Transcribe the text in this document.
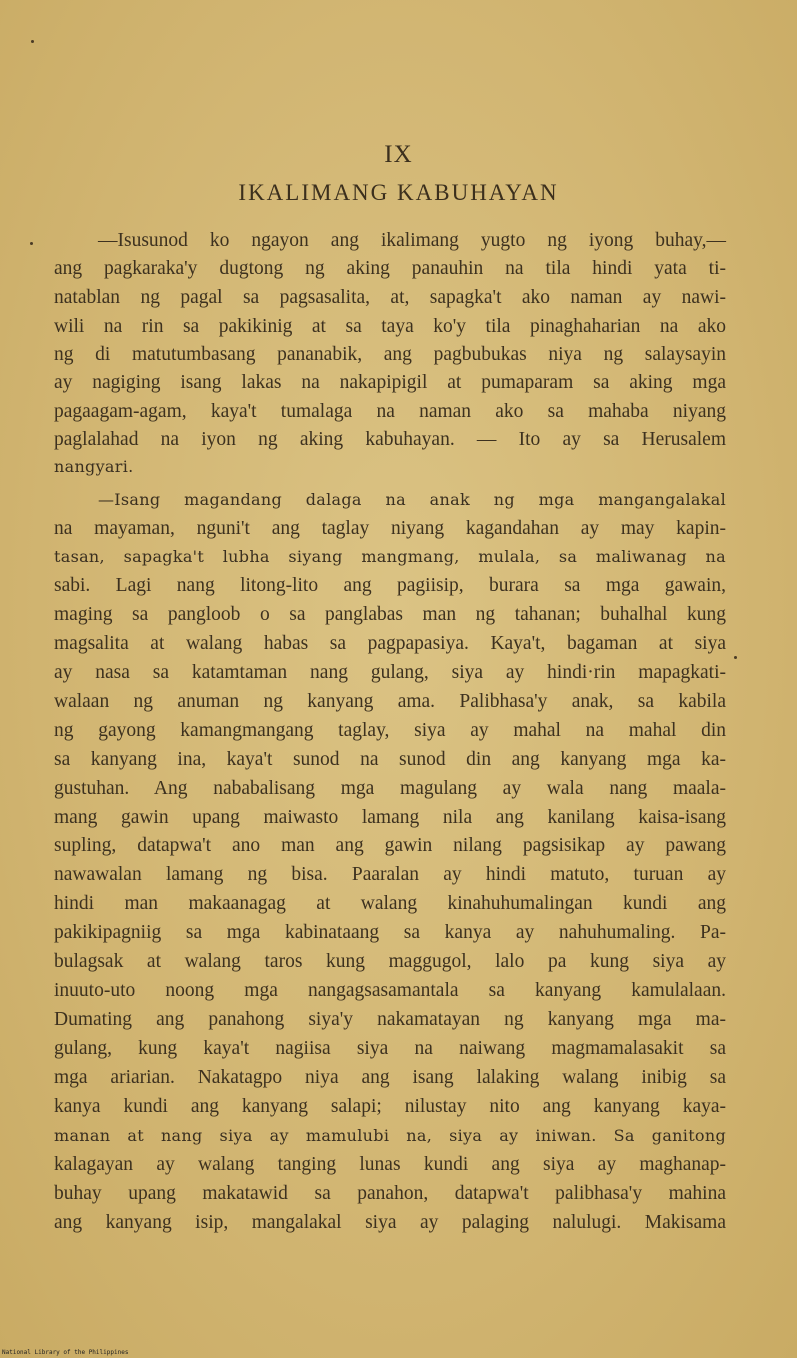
IX
IKALIMANG KABUHAYAN
—Isusunod ko ngayon ang ikalimang yugto ng iyong buhay,—
ang pagkaraka'y dugtong ng aking panauhin na tila hindi yata ti-
natablan ng pagal sa pagsasalita, at, sapagka't ako naman ay nawi-
wili na rin sa pakikinig at sa taya ko'y tila pinaghaharian na ako
ng di matutumbasang pananabik, ang pagbubukas niya ng salaysayin
ay nagiging isang lakas na nakapipigil at pumaparam sa aking mga
pagaagam-agam, kaya't tumalaga na naman ako sa mahaba niyang
paglalahad na iyon ng aking kabuhayan. — Ito ay sa Herusalem
nangyari.
—Isang magandang dalaga na anak ng mga mangangalakal
na mayaman, nguni't ang taglay niyang kagandahan ay may kapin-
tasan, sapagka't lubha siyang mangmang, mulala, sa maliwanag na
sabi. Lagi nang litong-lito ang pagiisip, burara sa mga gawain,
maging sa pangloob o sa panglabas man ng tahanan; buhalhal kung
magsalita at walang habas sa pagpapasiya. Kaya't, bagaman at siya
ay nasa sa katamtaman nang gulang, siya ay hindi·rin mapagkati-
walaan ng anuman ng kanyang ama. Palibhasa'y anak, sa kabila
ng gayong kamangmangang taglay, siya ay mahal na mahal din
sa kanyang ina, kaya't sunod na sunod din ang kanyang mga ka-
gustuhan. Ang nababalisang mga magulang ay wala nang maala-
mang gawin upang maiwasto lamang nila ang kanilang kaisa-isang
supling, datapwa't ano man ang gawin nilang pagsisikap ay pawang
nawawalan lamang ng bisa. Paaralan ay hindi matuto, turuan ay
hindi man makaanagag at walang kinahuhumalingan kundi ang
pakikipagniig sa mga kabinataang sa kanya ay nahuhumaling. Pa-
bulagsak at walang taros kung maggugol, lalo pa kung siya ay
inuuto-uto noong mga nangagsasamantala sa kanyang kamulalaan.
Dumating ang panahong siya'y nakamatayan ng kanyang mga ma-
gulang, kung kaya't nagiisa siya na naiwang magmamalasakit sa
mga ariarian. Nakatagpo niya ang isang lalaking walang inibig sa
kanya kundi ang kanyang salapi; nilustay nito ang kanyang kaya-
manan at nang siya ay mamulubi na, siya ay iniwan. Sa ganitong
kalagayan ay walang tanging lunas kundi ang siya ay maghanap-
buhay upang makatawid sa panahon, datapwa't palibhasa'y mahina
ang kanyang isip, mangalakal siya ay palaging nalulugi. Makisama
National Library of the Philippines
